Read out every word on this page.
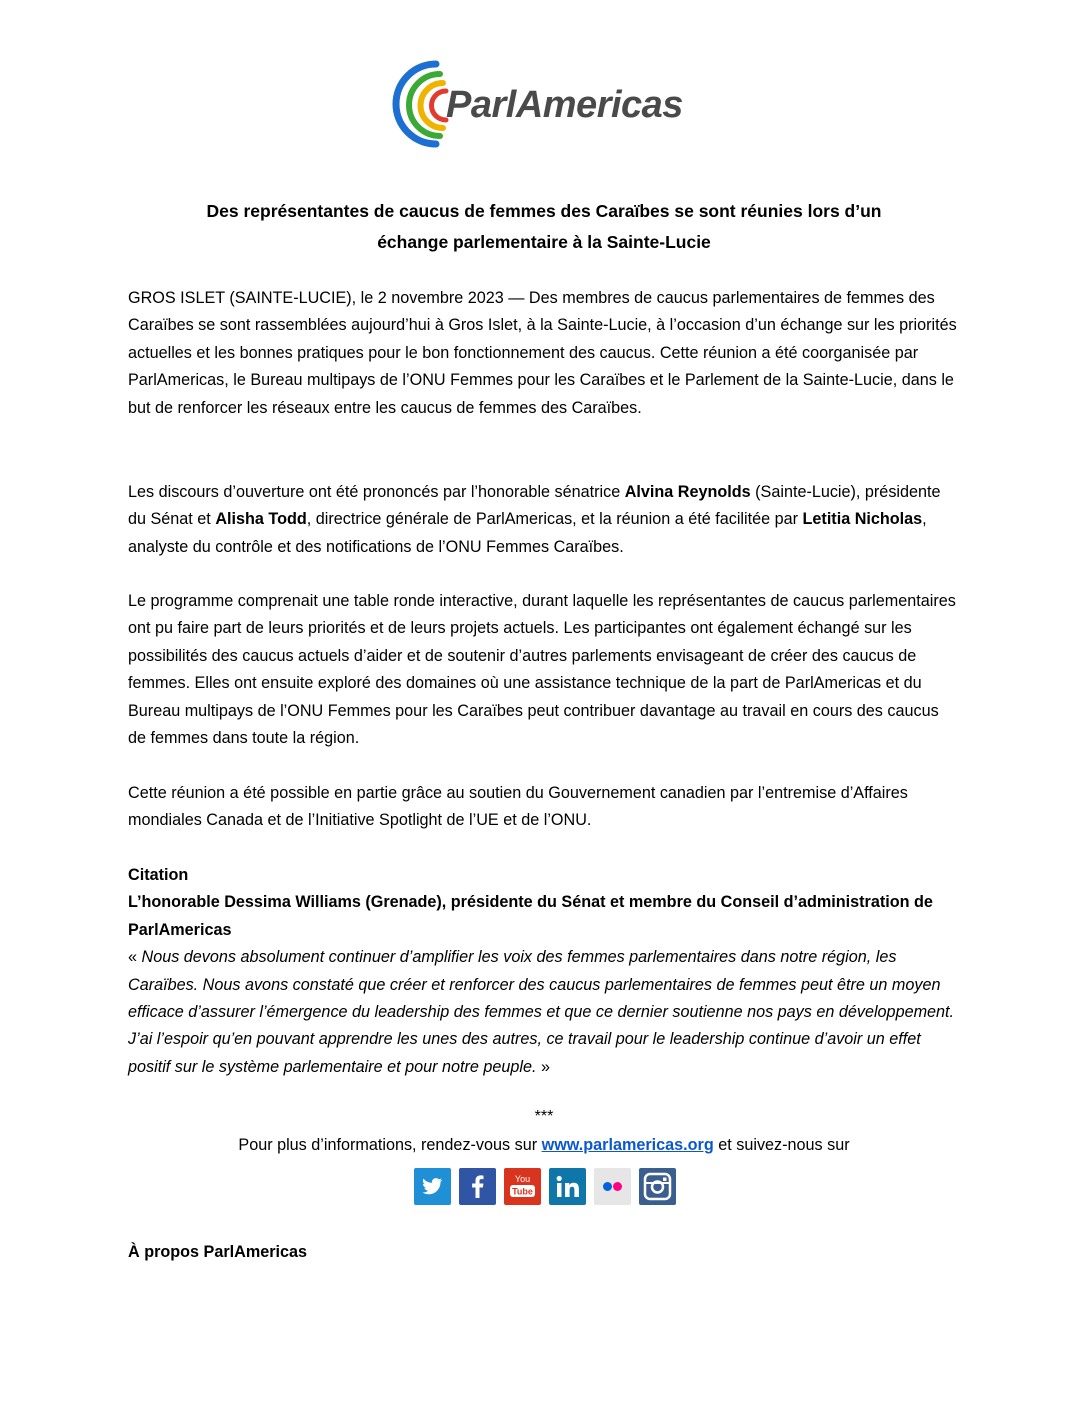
ParlAmericas
Des représentantes de caucus de femmes des Caraïbes se sont réunies lors d’un
échange parlementaire à la Sainte-Lucie

GROS ISLET (SAINTE-LUCIE), le 2 novembre 2023 — Des membres de caucus parlementaires de femmes des Caraïbes se sont rassemblées aujourd’hui à Gros Islet, à la Sainte-Lucie, à l’occasion d’un échange sur les priorités actuelles et les bonnes pratiques pour le bon fonctionnement des caucus. Cette réunion a été coorganisée par ParlAmericas, le Bureau multipays de l’ONU Femmes pour les Caraïbes et le Parlement de la Sainte-Lucie, dans le but de renforcer les réseaux entre les caucus de femmes des Caraïbes.

Les discours d’ouverture ont été prononcés par l’honorable sénatrice Alvina Reynolds (Sainte-Lucie), présidente du Sénat et Alisha Todd, directrice générale de ParlAmericas, et la réunion a été facilitée par Letitia Nicholas, analyste du contrôle et des notifications de l’ONU Femmes Caraïbes.

Le programme comprenait une table ronde interactive, durant laquelle les représentantes de caucus parlementaires ont pu faire part de leurs priorités et de leurs projets actuels. Les participantes ont également échangé sur les possibilités des caucus actuels d’aider et de soutenir d’autres parlements envisageant de créer des caucus de femmes. Elles ont ensuite exploré des domaines où une assistance technique de la part de ParlAmericas et du Bureau multipays de l’ONU Femmes pour les Caraïbes peut contribuer davantage au travail en cours des caucus de femmes dans toute la région.

Cette réunion a été possible en partie grâce au soutien du Gouvernement canadien par l’entremise d’Affaires mondiales Canada et de l’Initiative Spotlight de l’UE et de l’ONU.

Citation
L’honorable Dessima Williams (Grenade), présidente du Sénat et membre du Conseil d’administration de ParlAmericas
« Nous devons absolument continuer d’amplifier les voix des femmes parlementaires dans notre région, les Caraïbes. Nous avons constaté que créer et renforcer des caucus parlementaires de femmes peut être un moyen efficace d’assurer l’émergence du leadership des femmes et que ce dernier soutienne nos pays en développement. J’ai l’espoir qu’en pouvant apprendre les unes des autres, ce travail pour le leadership continue d’avoir un effet positif sur le système parlementaire et pour notre peuple. »
***
Pour plus d’informations, rendez-vous sur www.parlamericas.org et suivez-nous sur
You
Tube
À propos ParlAmericas
